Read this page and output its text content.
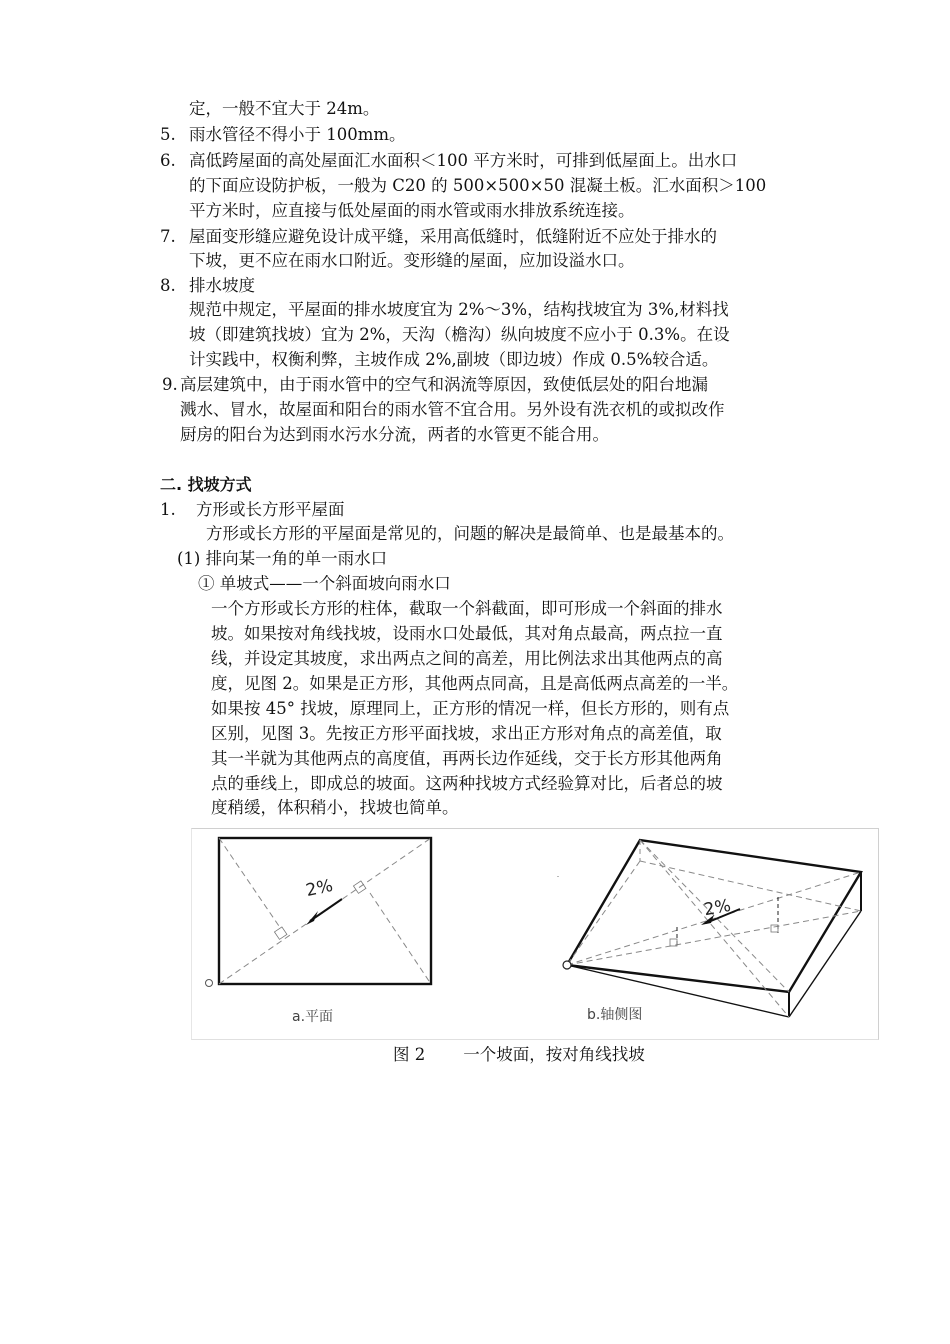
定，一般不宜大于 24m。
5. 雨水管径不得小于 100mm。
6. 高低跨屋面的高处屋面汇水面积＜100 平方米时，可排到低屋面上。出水口
的下面应设防护板，一般为 C20 的 500×500×50 混凝土板。汇水面积＞100
平方米时，应直接与低处屋面的雨水管或雨水排放系统连接。
7. 屋面变形缝应避免设计成平缝，采用高低缝时，低缝附近不应处于排水的
下坡，更不应在雨水口附近。变形缝的屋面，应加设溢水口。
8. 排水坡度
规范中规定，平屋面的排水坡度宜为 2%～3%，结构找坡宜为 3%,材料找
坡（即建筑找坡）宜为 2%，天沟（檐沟）纵向坡度不应小于 0.3%。在设
计实践中，权衡利弊，主坡作成 2%,副坡（即边坡）作成 0.5%较合适。
9. 高层建筑中，由于雨水管中的空气和涡流等原因，致使低层处的阳台地漏
溅水、冒水，故屋面和阳台的雨水管不宜合用。另外设有洗衣机的或拟改作
厨房的阳台为达到雨水污水分流，两者的水管更不能合用。
二. 找坡方式
1. 方形或长方形平屋面
方形或长方形的平屋面是常见的，问题的解决是最简单、也是最基本的。
(1) 排向某一角的单一雨水口
① 单坡式——一个斜面坡向雨水口
一个方形或长方形的柱体，截取一个斜截面，即可形成一个斜面的排水
坡。如果按对角线找坡，设雨水口处最低，其对角点最高，两点拉一直
线，并设定其坡度，求出两点之间的高差，用比例法求出其他两点的高
度，见图 2。如果是正方形，其他两点同高，且是高低两点高差的一半。
如果按 45° 找坡，原理同上，正方形的情况一样，但长方形的，则有点
区别，见图 3。先按正方形平面找坡，求出正方形对角点的高差值，取
其一半就为其他两点的高度值，再两长边作延线，交于长方形其他两角
点的垂线上，即成总的坡面。这两种找坡方式经验算对比，后者总的坡
度稍缓，体积稍小，找坡也简单。
2%
a.平面
2%
b.轴侧图
图 2 一个坡面，按对角线找坡
